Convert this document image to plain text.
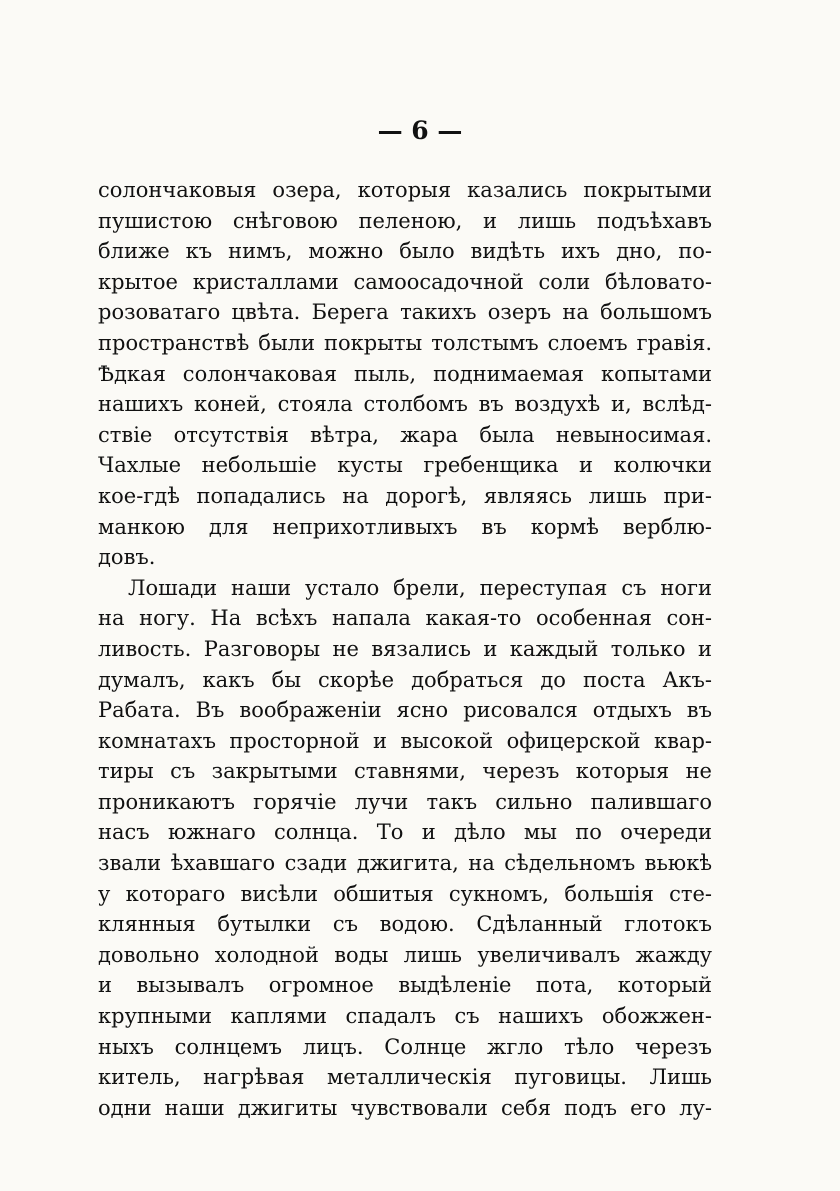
— 6 —
солончаковыя озера, которыя казались покрытыми
пушистою снѣговою пеленою, и лишь подъѣхавъ
ближе къ нимъ, можно было видѣть ихъ дно, по-
крытое кристаллами самоосадочной соли бѣловато-
розоватаго цвѣта. Берега такихъ озеръ на большомъ
пространствѣ были покрыты толстымъ слоемъ гравія.
Ѣдкая солончаковая пыль, поднимаемая копытами
нашихъ коней, стояла столбомъ въ воздухѣ и, вслѣд-
ствіе отсутствія вѣтра, жара была невыносимая.
Чахлые небольшіе кусты гребенщика и колючки
кое-гдѣ попадались на дорогѣ, являясь лишь при-
манкою для неприхотливыхъ въ кормѣ верблю-
довъ.
Лошади наши устало брели, переступая съ ноги
на ногу. На всѣхъ напала какая-то особенная сон-
ливость. Разговоры не вязались и каждый только и
думалъ, какъ бы скорѣе добраться до поста Акъ-
Рабата. Въ воображеніи ясно рисовался отдыхъ въ
комнатахъ просторной и высокой офицерской квар-
тиры съ закрытыми ставнями, черезъ которыя не
проникаютъ горячіе лучи такъ сильно палившаго
насъ южнаго солнца. То и дѣло мы по очереди
звали ѣхавшаго сзади джигита, на сѣдельномъ вьюкѣ
у котораго висѣли обшитыя сукномъ, большія сте-
клянныя бутылки съ водою. Сдѣланный глотокъ
довольно холодной воды лишь увеличивалъ жажду
и вызывалъ огромное выдѣленіе пота, который
крупными каплями спадалъ съ нашихъ обожжен-
ныхъ солнцемъ лицъ. Солнце жгло тѣло черезъ
китель, нагрѣвая металлическія пуговицы. Лишь
одни наши джигиты чувствовали себя подъ его лу-
